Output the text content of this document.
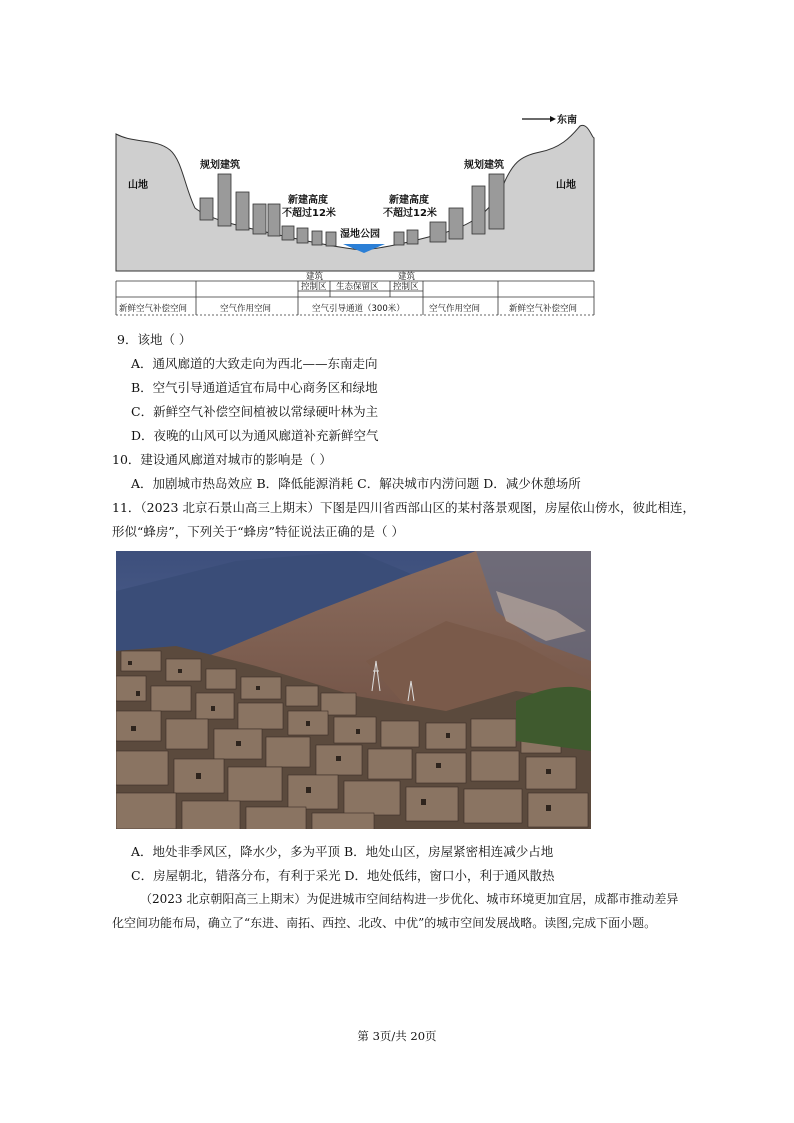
东南
山地	山地
规划建筑	规划建筑
新建高度
不超过12米
新建高度
不超过12米
湿地公园
建筑
控制区 生态保留区
建筑
控制区
新鲜空气补偿空间	空气作用空间	空气引导通道（300米）	空气作用空间	新鲜空气补偿空间
9．该地（ ）
A．通风廊道的大致走向为西北——东南走向
B．空气引导通道适宜布局中心商务区和绿地
C．新鲜空气补偿空间植被以常绿硬叶林为主
D．夜晚的山风可以为通风廊道补充新鲜空气
10．建设通风廊道对城市的影响是（ ）
A．加剧城市热岛效应 B．降低能源消耗 C．解决城市内涝问题 D．减少休憩场所
11．（2023 北京石景山高三上期末）下图是四川省西部山区的某村落景观图，房屋依山傍水，彼此相连，
形似“蜂房”，下列关于“蜂房”特征说法正确的是（ ）
A．地处非季风区，降水少，多为平顶 B．地处山区，房屋紧密相连减少占地
C．房屋朝北，错落分布，有利于采光 D．地处低纬，窗口小，利于通风散热
（2023 北京朝阳高三上期末）为促进城市空间结构进一步优化、城市环境更加宜居，成都市推动差异
化空间功能布局，确立了“东进、南拓、西控、北改、中优”的城市空间发展战略。读图,完成下面小题。
第 3页/共 20页
